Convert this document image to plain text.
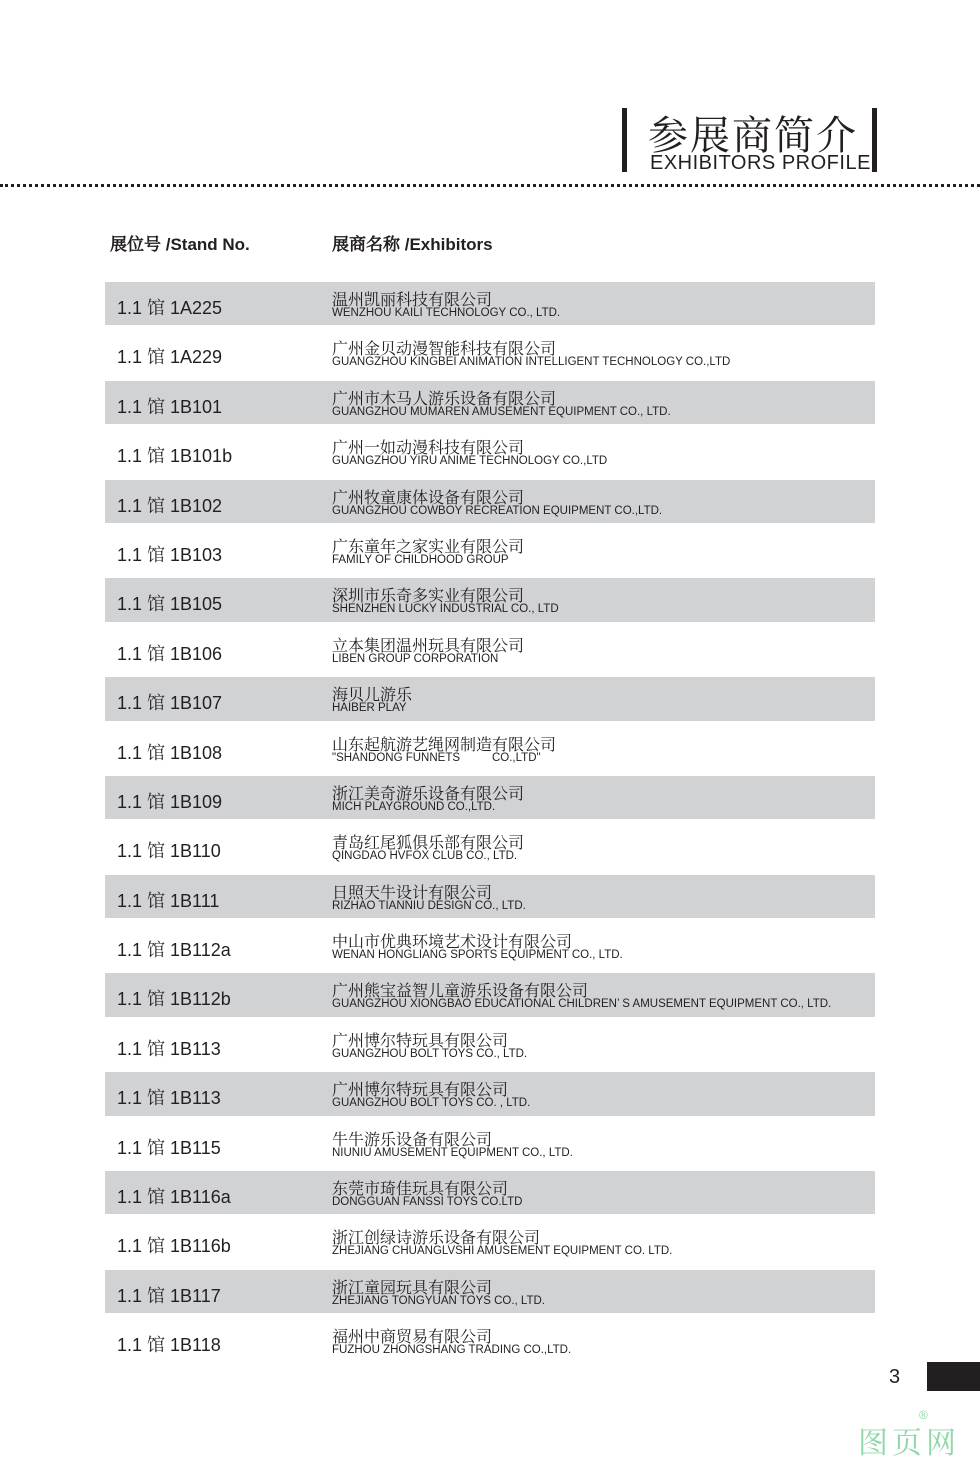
参展商简介
EXHIBITORS PROFILE
展位号 /Stand No.	展商名称 /Exhibitors
1.1 馆 1A225	温州凯丽科技有限公司
WENZHOU KAILI TECHNOLOGY CO., LTD.
1.1 馆 1A229	广州金贝动漫智能科技有限公司
GUANGZHOU KINGBEI ANIMATION INTELLIGENT TECHNOLOGY CO.,LTD
1.1 馆 1B101	广州市木马人游乐设备有限公司
GUANGZHOU MUMAREN AMUSEMENT EQUIPMENT CO., LTD.
1.1 馆 1B101b	广州一如动漫科技有限公司
GUANGZHOU YIRU ANIME TECHNOLOGY CO.,LTD
1.1 馆 1B102	广州牧童康体设备有限公司
GUANGZHOU COWBOY RECREATION EQUIPMENT CO.,LTD.
1.1 馆 1B103	广东童年之家实业有限公司
FAMILY OF CHILDHOOD GROUP
1.1 馆 1B105	深圳市乐奇多实业有限公司
SHENZHEN LUCKY INDUSTRIAL CO., LTD
1.1 馆 1B106	立本集团温州玩具有限公司
LIBEN GROUP CORPORATION
1.1 馆 1B107	海贝儿游乐
HAIBER PLAY
1.1 馆 1B108	山东起航游艺绳网制造有限公司
"SHANDONG FUNNETS          CO.,LTD"
1.1 馆 1B109	浙江美奇游乐设备有限公司
MICH PLAYGROUND CO.,LTD.
1.1 馆 1B110	青岛红尾狐俱乐部有限公司
QINGDAO HVFOX CLUB CO., LTD.
1.1 馆 1B111	日照天牛设计有限公司
RIZHAO TIANNIU DESIGN CO., LTD.
1.1 馆 1B112a	中山市优典环境艺术设计有限公司
WENAN HONGLIANG SPORTS EQUIPMENT CO., LTD.
1.1 馆 1B112b	广州熊宝益智儿童游乐设备有限公司
GUANGZHOU XIONGBAO EDUCATIONAL CHILDREN’ S AMUSEMENT EQUIPMENT CO., LTD.
1.1 馆 1B113	广州博尔特玩具有限公司
GUANGZHOU BOLT TOYS CO., LTD.
1.1 馆 1B113	广州博尔特玩具有限公司
GUANGZHOU BOLT TOYS CO. , LTD.
1.1 馆 1B115	牛牛游乐设备有限公司
NIUNIU AMUSEMENT EQUIPMENT CO., LTD.
1.1 馆 1B116a	东莞市琦佳玩具有限公司
DONGGUAN FANSSI TOYS CO.LTD
1.1 馆 1B116b	浙江创绿诗游乐设备有限公司
ZHEJIANG CHUANGLVSHI AMUSEMENT EQUIPMENT CO. LTD.
1.1 馆 1B117	浙江童园玩具有限公司
ZHEJIANG TONGYUAN TOYS CO., LTD.
1.1 馆 1B118	福州中商贸易有限公司
FUZHOU ZHONGSHANG TRADING CO.,LTD.
3
图页网
®
